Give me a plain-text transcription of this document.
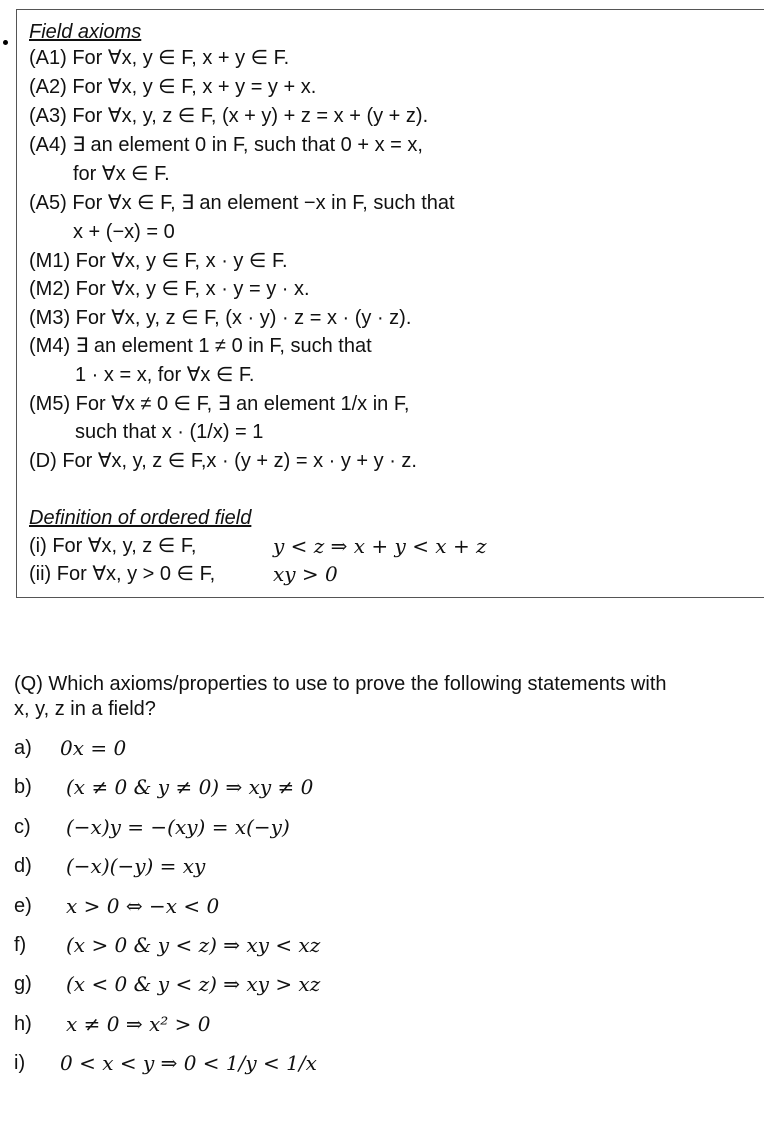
Field axioms
(A1) For ∀x, y ∈ F, x + y ∈ F.
(A2) For ∀x, y ∈ F, x + y = y + x.
(A3) For ∀x, y, z ∈ F, (x + y) + z = x + (y + z).
(A4) ∃ an element 0 in F, such that 0 + x = x,
for ∀x ∈ F.
(A5) For ∀x ∈ F, ∃ an element −x in F, such that
x + (−x) = 0
(M1) For ∀x, y ∈ F, x · y ∈ F.
(M2) For ∀x, y ∈ F, x · y = y · x.
(M3) For ∀x, y, z ∈ F, (x · y) · z = x · (y · z).
(M4) ∃ an element 1 ≠ 0 in F, such that
1 · x = x, for ∀x ∈ F.
(M5) For ∀x ≠ 0 ∈ F, ∃ an element 1/x in F,
such that x · (1/x) = 1
(D) For ∀x, y, z ∈ F,x · (y + z) = x · y + y · z.
Definition of ordered field
(i) For ∀x, y, z ∈ F,	y < z ⇒ x + y < x + z
(ii) For ∀x, y > 0 ∈ F,	xy > 0
(Q) Which axioms/properties to use to prove the following statements with
x, y, z in a field?
a) 0x = 0
b) (x ≠ 0 & y ≠ 0) ⇒ xy ≠ 0
c) (−x)y = −(xy) = x(−y)
d) (−x)(−y) = xy
e) x > 0 ⇔ −x < 0
f) (x > 0 & y < z) ⇒ xy < xz
g) (x < 0 & y < z) ⇒ xy > xz
h) x ≠ 0 ⇒ x² > 0
i) 0 < x < y ⇒ 0 < 1/y < 1/x
